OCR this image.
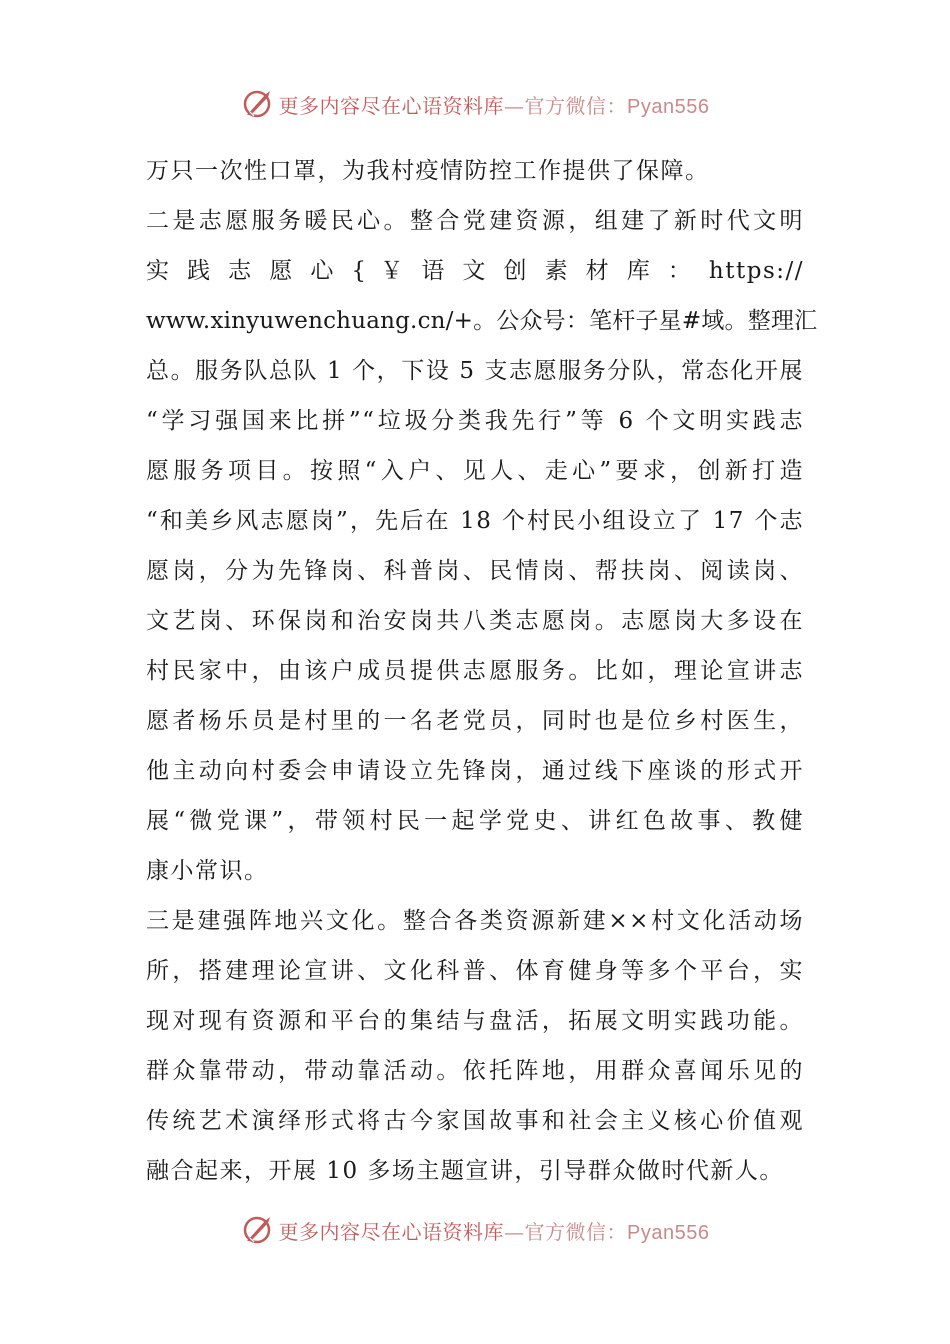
更多内容尽在心语资料库—官方微信：Pyan556
万只一次性口罩，为我村疫情防控工作提供了保障。
二是志愿服务暖民心。整合党建资源，组建了新时代文明
实 践 志 愿 心 { ￥ 语 文 创 素 材 库 ： https://
www.xinyuwenchuang.cn/+。公众号：笔杆子星#域。整理汇
总。服务队总队 1 个，下设 5 支志愿服务分队，常态化开展
“学习强国来比拼”“垃圾分类我先行”等 6 个文明实践志
愿服务项目。按照“入户、见人、走心”要求，创新打造
“和美乡风志愿岗”，先后在 18 个村民小组设立了 17 个志
愿岗，分为先锋岗、科普岗、民情岗、帮扶岗、阅读岗、
文艺岗、环保岗和治安岗共八类志愿岗。志愿岗大多设在
村民家中，由该户成员提供志愿服务。比如，理论宣讲志
愿者杨乐员是村里的一名老党员，同时也是位乡村医生，
他主动向村委会申请设立先锋岗，通过线下座谈的形式开
展“微党课”，带领村民一起学党史、讲红色故事、教健
康小常识。
三是建强阵地兴文化。整合各类资源新建××村文化活动场
所，搭建理论宣讲、文化科普、体育健身等多个平台，实
现对现有资源和平台的集结与盘活，拓展文明实践功能。
群众靠带动，带动靠活动。依托阵地，用群众喜闻乐见的
传统艺术演绎形式将古今家国故事和社会主义核心价值观
融合起来，开展 10 多场主题宣讲，引导群众做时代新人。
更多内容尽在心语资料库—官方微信：Pyan556
